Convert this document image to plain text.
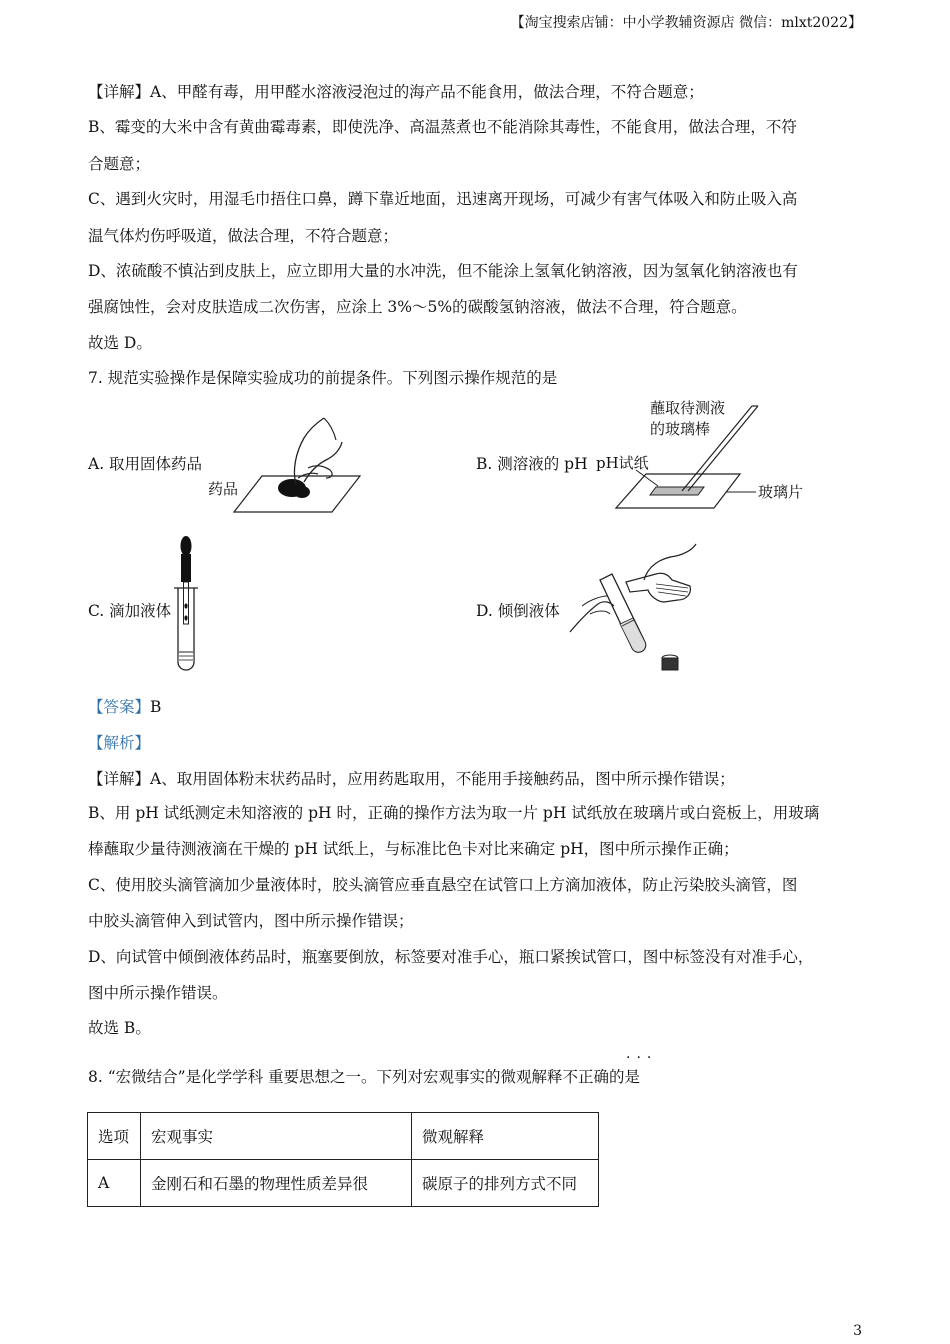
【淘宝搜索店铺：中小学教辅资源店 微信：mlxt2022】
【详解】A、甲醛有毒，用甲醛水溶液浸泡过的海产品不能食用，做法合理，不符合题意；
B、霉变的大米中含有黄曲霉毒素，即使洗净、高温蒸煮也不能消除其毒性，不能食用，做法合理，不符
合题意；
C、遇到火灾时，用湿毛巾捂住口鼻，蹲下靠近地面，迅速离开现场，可减少有害气体吸入和防止吸入高
温气体灼伤呼吸道，做法合理，不符合题意；
D、浓硫酸不慎沾到皮肤上，应立即用大量的水冲洗，但不能涂上氢氧化钠溶液，因为氢氧化钠溶液也有
强腐蚀性，会对皮肤造成二次伤害，应涂上 3%～5%的碳酸氢钠溶液，做法不合理，符合题意。
故选 D。
7. 规范实验操作是保障实验成功的前提条件。下列图示操作规范的是
A. 取用固体药品
药品
B. 测溶液的 pH
蘸取待测液
的玻璃棒
pH试纸
玻璃片
C. 滴加液体	D. 倾倒液体
【答案】B
【解析】
【详解】A、取用固体粉末状药品时，应用药匙取用，不能用手接触药品，图中所示操作错误；
B、用 pH 试纸测定未知溶液的 pH 时，正确的操作方法为取一片 pH 试纸放在玻璃片或白瓷板上，用玻璃
棒蘸取少量待测液滴在干燥的 pH 试纸上，与标准比色卡对比来确定 pH，图中所示操作正确；
C、使用胶头滴管滴加少量液体时，胶头滴管应垂直悬空在试管口上方滴加液体，防止污染胶头滴管，图
中胶头滴管伸入到试管内，图中所示操作错误；
D、向试管中倾倒液体药品时，瓶塞要倒放，标签要对准手心，瓶口紧挨试管口，图中标签没有对准手心，
图中所示操作错误。
故选 B。
···
8. “宏微结合”是化学学科 重要思想之一。下列对宏观事实的微观解释不正确的是
选项	宏观事实	微观解释
A	金刚石和石墨的物理性质差异很	碳原子的排列方式不同
3
